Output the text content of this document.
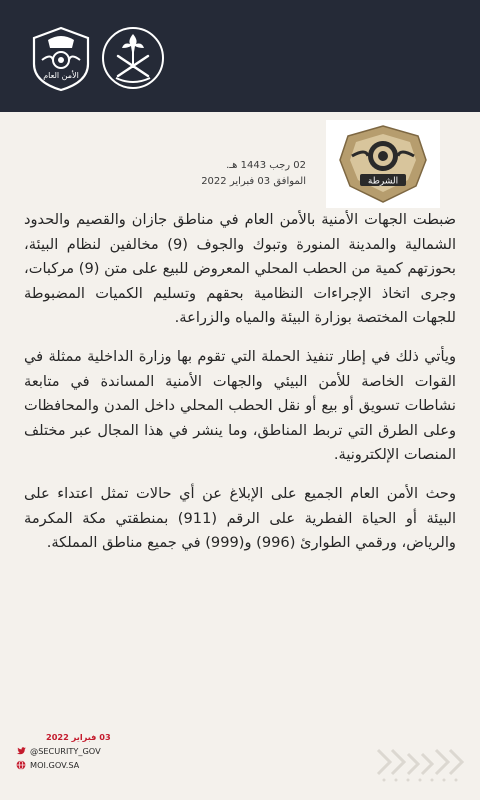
الأمن العام
الشرطة
02 رجب 1443 هـ.
الموافق 03 فبراير 2022

ضبطت الجهات الأمنية بالأمن العام في مناطق جازان والقصيم والحدود الشمالية والمدينة المنورة وتبوك والجوف (9) مخالفين لنظام البيئة، بحوزتهم كمية من الحطب المحلي المعروض للبيع على متن (9) مركبات، وجرى اتخاذ الإجراءات النظامية بحقهم وتسليم الكميات المضبوطة للجهات المختصة بوزارة البيئة والمياه والزراعة.

ويأتي ذلك في إطار تنفيذ الحملة التي تقوم بها وزارة الداخلية ممثلة في القوات الخاصة للأمن البيئي والجهات الأمنية المساندة في متابعة نشاطات تسويق أو بيع أو نقل الحطب المحلي داخل المدن والمحافظات وعلى الطرق التي تربط المناطق، وما ينشر في هذا المجال عبر مختلف المنصات الإلكترونية.

وحث الأمن العام الجميع على الإبلاغ عن أي حالات تمثل اعتداء على البيئة أو الحياة الفطرية على الرقم (911) بمنطقتي مكة المكرمة والرياض، ورقمي الطوارئ (996) و(999) في جميع مناطق المملكة.

03 فبراير 2022
@SECURITY_GOV
MOI.GOV.SA
